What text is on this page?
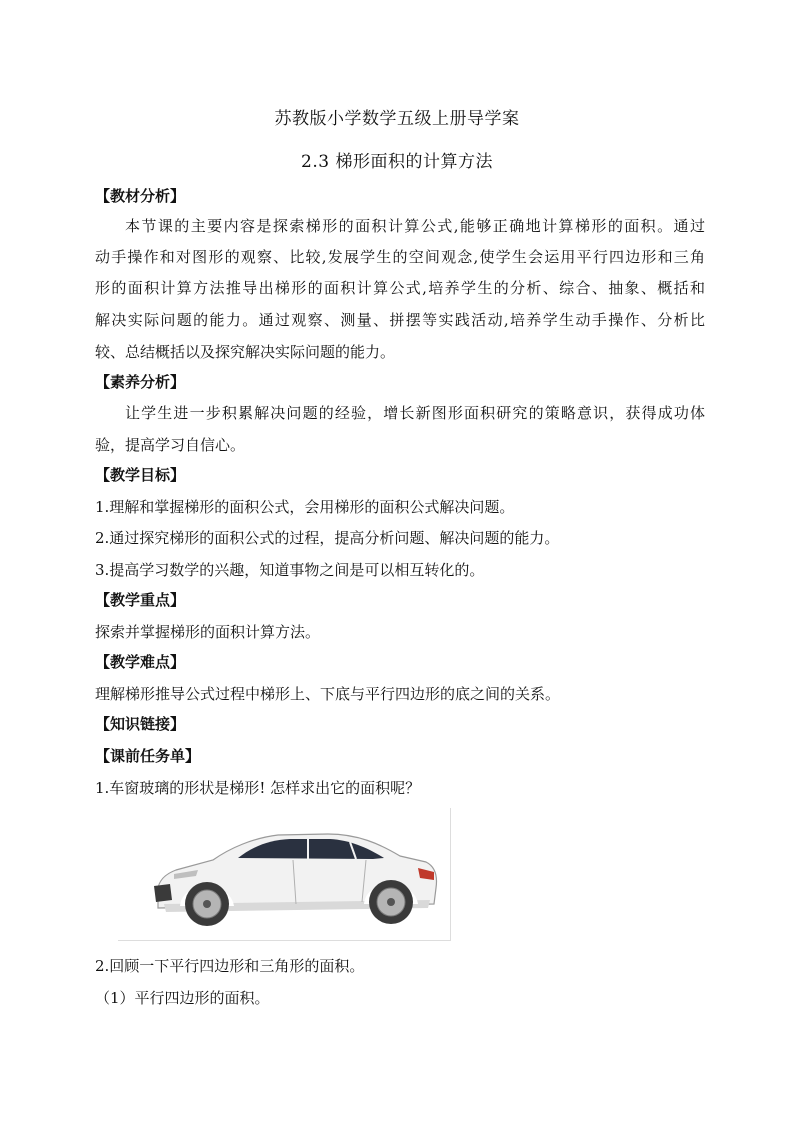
苏教版小学数学五级上册导学案
2.3 梯形面积的计算方法
【教材分析】
本节课的主要内容是探索梯形的面积计算公式,能够正确地计算梯形的面积。通过
动手操作和对图形的观察、比较,发展学生的空间观念,使学生会运用平行四边形和三角
形的面积计算方法推导出梯形的面积计算公式,培养学生的分析、综合、抽象、概括和
解决实际问题的能力。通过观察、测量、拼摆等实践活动,培养学生动手操作、分析比
较、总结概括以及探究解决实际问题的能力。
【素养分析】
让学生进一步积累解决问题的经验，增长新图形面积研究的策略意识，获得成功体
验，提高学习自信心。
【教学目标】
1.理解和掌握梯形的面积公式，会用梯形的面积公式解决问题。
2.通过探究梯形的面积公式的过程，提高分析问题、解决问题的能力。
3.提高学习数学的兴趣，知道事物之间是可以相互转化的。
【教学重点】
探索并掌握梯形的面积计算方法。
【教学难点】
理解梯形推导公式过程中梯形上、下底与平行四边形的底之间的关系。
【知识链接】
【课前任务单】
1.车窗玻璃的形状是梯形! 怎样求出它的面积呢？
2.回顾一下平行四边形和三角形的面积。
（1）平行四边形的面积。
